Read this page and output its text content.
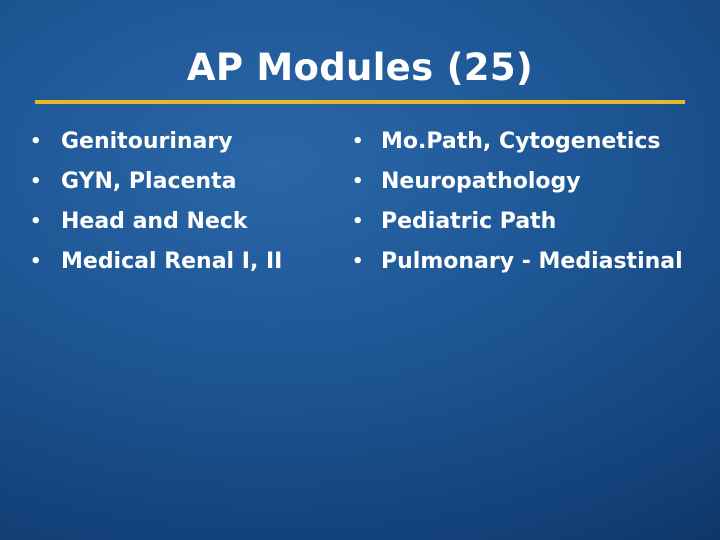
AP Modules (25)
• Genitourinary
• GYN, Placenta
• Head and Neck
• Medical Renal I, II
• Mo.Path, Cytogenetics
• Neuropathology
• Pediatric Path
• Pulmonary - Mediastinal
